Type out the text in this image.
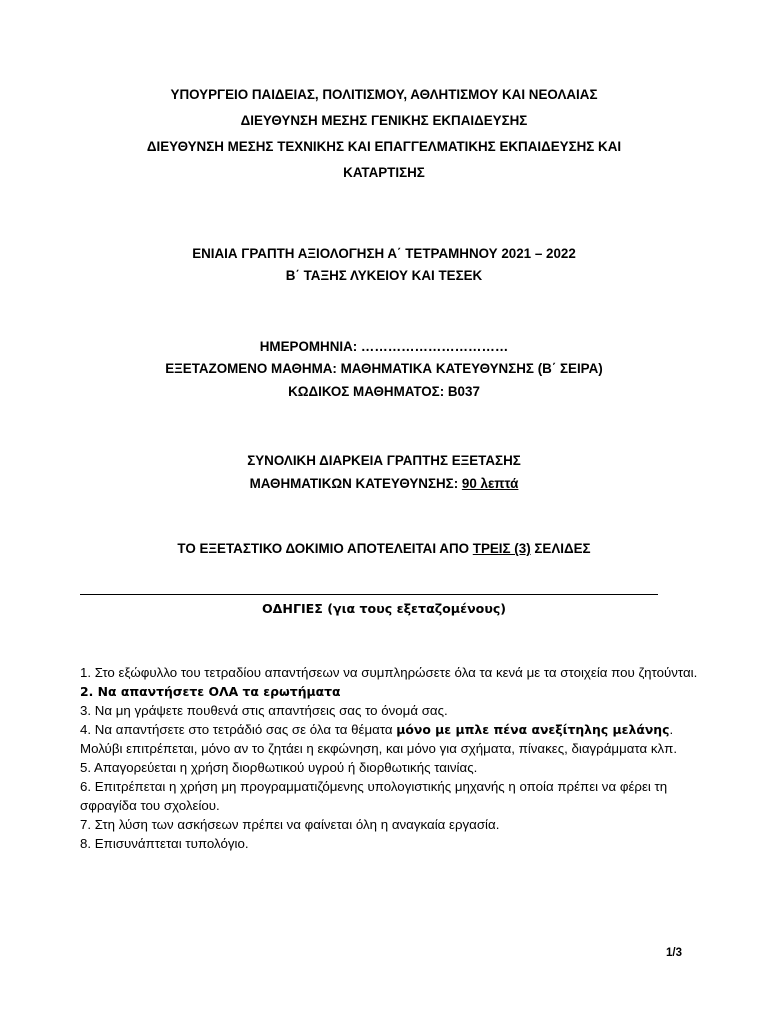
ΥΠΟΥΡΓΕΙΟ ΠΑΙΔΕΙΑΣ, ΠΟΛΙΤΙΣΜΟΥ, ΑΘΛΗΤΙΣΜΟΥ ΚΑΙ ΝΕΟΛΑΙΑΣ
ΔΙΕΥΘΥΝΣΗ ΜΕΣΗΣ ΓΕΝΙΚΗΣ ΕΚΠΑΙΔΕΥΣΗΣ
ΔΙΕΥΘΥΝΣΗ ΜΕΣΗΣ ΤΕΧΝΙΚΗΣ ΚΑΙ ΕΠΑΓΓΕΛΜΑΤΙΚΗΣ ΕΚΠΑΙΔΕΥΣΗΣ ΚΑΙ
ΚΑΤΑΡΤΙΣΗΣ
ΕΝΙΑΙΑ ΓΡΑΠΤΗ ΑΞΙΟΛΟΓΗΣΗ Α΄ ΤΕΤΡΑΜΗΝΟΥ 2021 – 2022
Β΄ ΤΑΞΗΣ ΛΥΚΕΙΟΥ ΚΑΙ ΤΕΣΕΚ
ΗΜΕΡΟΜΗΝΙΑ: ……………………………
ΕΞΕΤΑΖΟΜΕΝΟ ΜΑΘΗΜΑ: ΜΑΘΗΜΑΤΙΚΑ ΚΑΤΕΥΘΥΝΣΗΣ (Β΄ ΣΕΙΡΑ)
ΚΩΔΙΚΟΣ ΜΑΘΗΜΑΤΟΣ: Β037
ΣΥΝΟΛΙΚΗ ΔΙΑΡΚΕΙΑ ΓΡΑΠΤΗΣ ΕΞΕΤΑΣΗΣ
ΜΑΘΗΜΑΤΙΚΩΝ ΚΑΤΕΥΘΥΝΣΗΣ: 90 λεπτά
ΤΟ ΕΞΕΤΑΣΤΙΚΟ ΔΟΚΙΜΙΟ ΑΠΟΤΕΛΕΙΤΑΙ ΑΠΟ ΤΡΕΙΣ (3) ΣΕΛΙΔΕΣ
ΟΔΗΓΙΕΣ (για τους εξεταζομένους)

1. Στο εξώφυλλο του τετραδίου απαντήσεων να συμπληρώσετε όλα τα κενά με τα στοιχεία που ζητούνται.

2. Να απαντήσετε ΟΛΑ τα ερωτήματα

3. Να μη γράψετε πουθενά στις απαντήσεις σας το όνομά σας.

4. Να απαντήσετε στο τετράδιό σας σε όλα τα θέματα μόνο με μπλε πένα ανεξίτηλης μελάνης. Μολύβι επιτρέπεται, μόνο αν το ζητάει η εκφώνηση, και μόνο για σχήματα, πίνακες, διαγράμματα κλπ.

5. Απαγορεύεται η χρήση διορθωτικού υγρού ή διορθωτικής ταινίας.

6. Επιτρέπεται η χρήση μη προγραμματιζόμενης υπολογιστικής μηχανής η οποία πρέπει να φέρει τη σφραγίδα του σχολείου.

7. Στη λύση των ασκήσεων πρέπει να φαίνεται όλη η αναγκαία εργασία.

8. Επισυνάπτεται τυπολόγιο.

1/3
